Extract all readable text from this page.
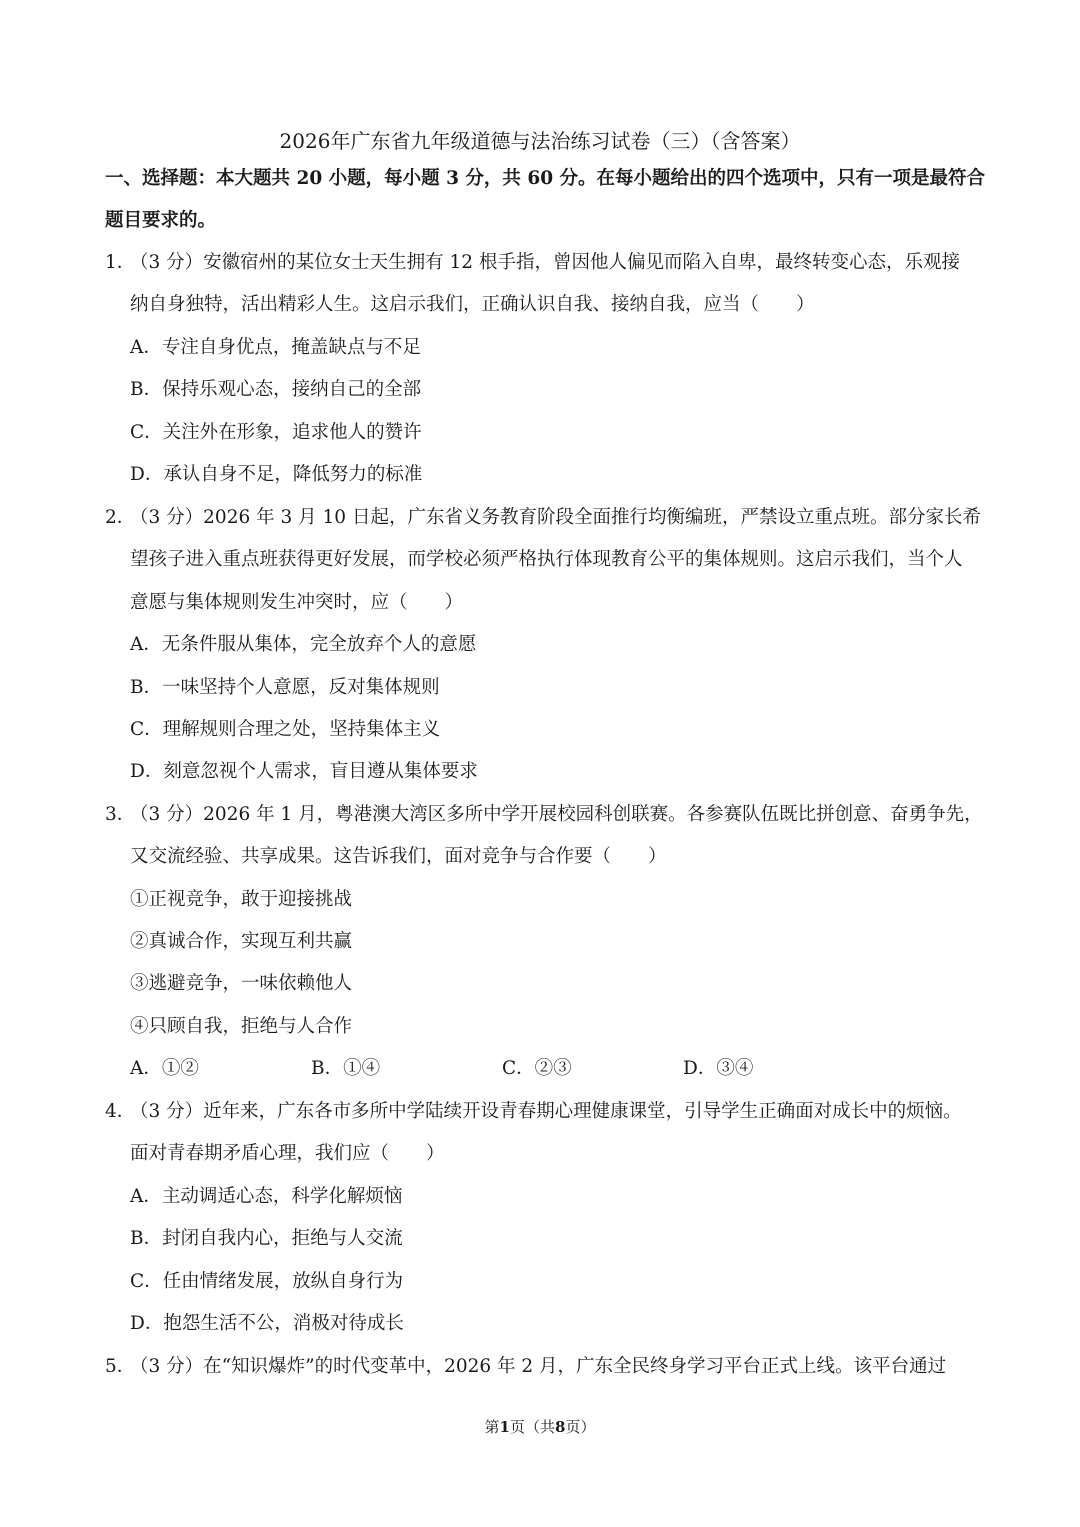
2026年广东省九年级道德与法治练习试卷（三）（含答案）
一、选择题：本大题共 20 小题，每小题 3 分，共 60 分。在每小题给出的四个选项中，只有一项是最符合
题目要求的。
1．
（3 分）安徽宿州的某位女士天生拥有 12 根手指，曾因他人偏见而陷入自卑，最终转变心态，乐观接
纳自身独特，活出精彩人生。这启示我们，正确认识自我、接纳自我，应当（　　）
A．专注自身优点，掩盖缺点与不足
B．保持乐观心态，接纳自己的全部
C．关注外在形象，追求他人的赞许
D．承认自身不足，降低努力的标准
2．
（3 分）2026 年 3 月 10 日起，广东省义务教育阶段全面推行均衡编班，严禁设立重点班。部分家长希
望孩子进入重点班获得更好发展，而学校必须严格执行体现教育公平的集体规则。这启示我们，当个人
意愿与集体规则发生冲突时，应（　　）
A．无条件服从集体，完全放弃个人的意愿
B．一味坚持个人意愿，反对集体规则
C．理解规则合理之处，坚持集体主义
D．刻意忽视个人需求，盲目遵从集体要求
3．
（3 分）2026 年 1 月，粤港澳大湾区多所中学开展校园科创联赛。各参赛队伍既比拼创意、奋勇争先，
又交流经验、共享成果。这告诉我们，面对竞争与合作要（　　）
①正视竞争，敢于迎接挑战
②真诚合作，实现互利共赢
③逃避竞争，一味依赖他人
④只顾自我，拒绝与人合作
A．①②	B．①④	C．②③	D．③④
4．
（3 分）近年来，广东各市多所中学陆续开设青春期心理健康课堂，引导学生正确面对成长中的烦恼。
面对青春期矛盾心理，我们应（　　）
A．主动调适心态，科学化解烦恼
B．封闭自我内心，拒绝与人交流
C．任由情绪发展，放纵自身行为
D．抱怨生活不公，消极对待成长
5．
（3 分）在“知识爆炸”的时代变革中，2026 年 2 月，广东全民终身学习平台正式上线。该平台通过
第1页（共8页）
